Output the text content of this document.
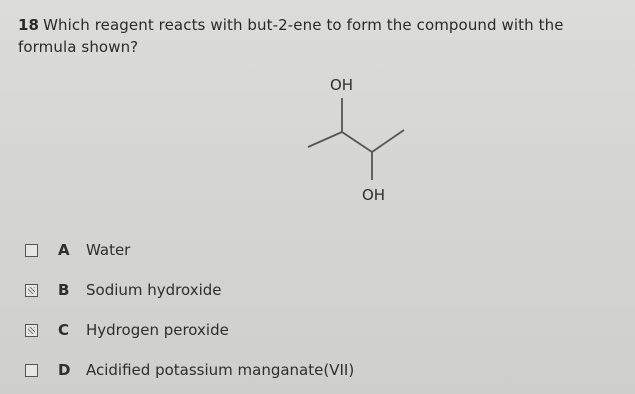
18 Which reagent reacts with but-2-ene to form the compound with the formula shown?
OH
OH
A	Water
B	Sodium hydroxide
C	Hydrogen peroxide
D	Acidified potassium manganate(VII)
